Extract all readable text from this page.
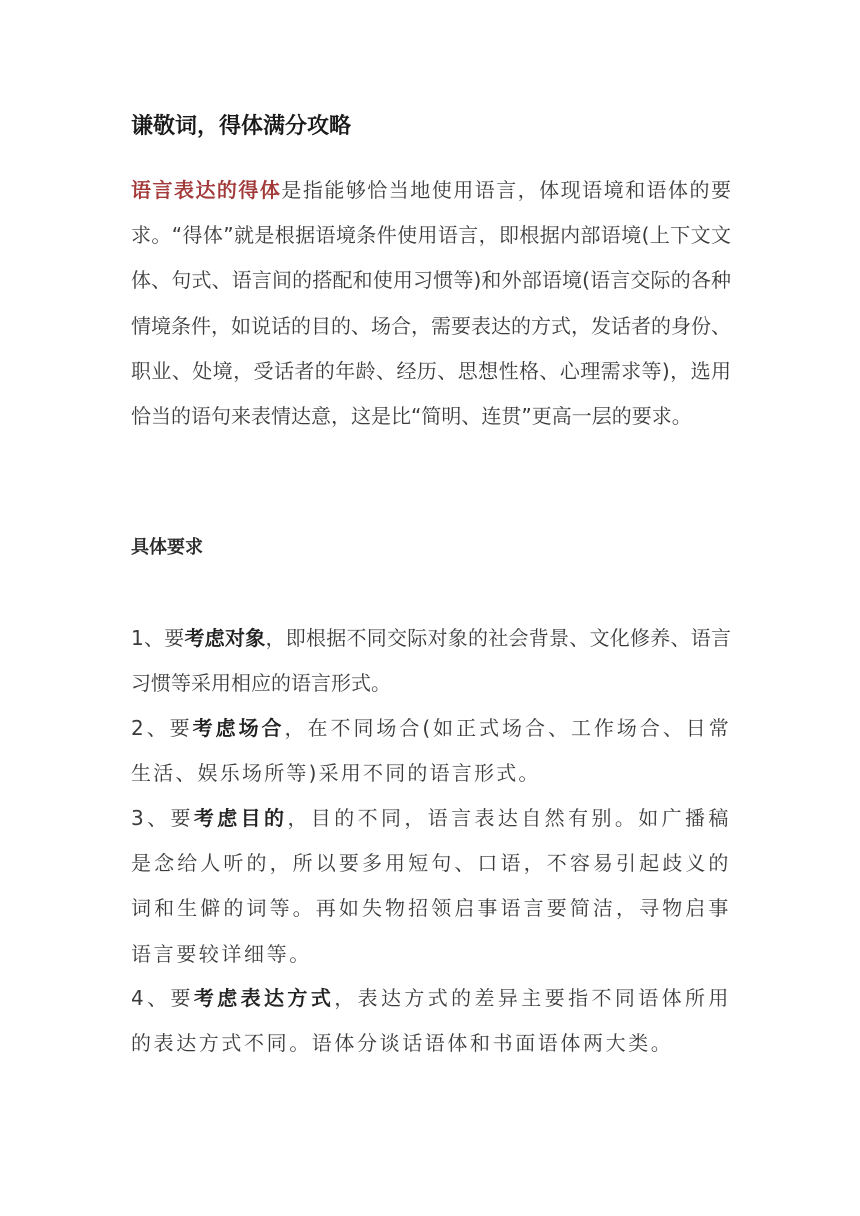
谦敬词，得体满分攻略

语言表达的得体是指能够恰当地使用语言，体现语境和语体的要求。“得体”就是根据语境条件使用语言，即根据内部语境(上下文文体、句式、语言间的搭配和使用习惯等)和外部语境(语言交际的各种情境条件，如说话的目的、场合，需要表达的方式，发话者的身份、职业、处境，受话者的年龄、经历、思想性格、心理需求等)，选用恰当的语句来表情达意，这是比“简明、连贯”更高一层的要求。

具体要求

1、要考虑对象，即根据不同交际对象的社会背景、文化修养、语言习惯等采用相应的语言形式。

2、要考虑场合，在不同场合(如正式场合、工作场合、日常生活、娱乐场所等)采用不同的语言形式。

3、要考虑目的，目的不同，语言表达自然有别。如广播稿是念给人听的，所以要多用短句、口语，不容易引起歧义的词和生僻的词等。再如失物招领启事语言要简洁，寻物启事语言要较详细等。

4、要考虑表达方式，表达方式的差异主要指不同语体所用的表达方式不同。语体分谈话语体和书面语体两大类。
